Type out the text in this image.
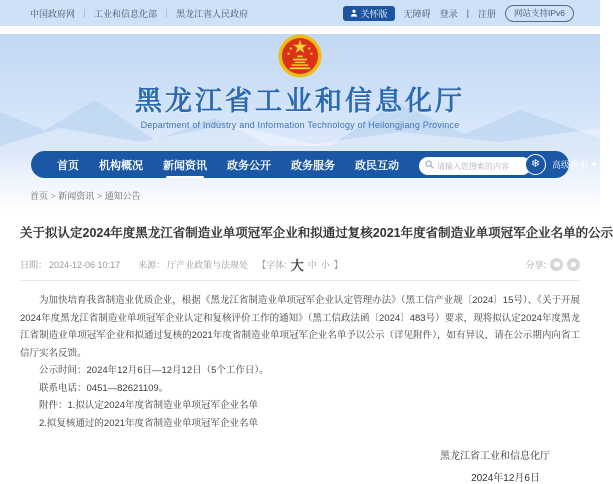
中国政府网	｜ 工业和信息化部	｜ 黑龙江省人民政府	关怀版 无障碍 登录 | 注册	网站支持IPv6
黑龙江省工业和信息化厅
Department of Industry and Information Technology of Heilongjiang Province
首页 机构概况 新闻资讯 政务公开 政务服务 政民互动
请输入您搜索的内容	❄	高级搜索
首页 > 新闻资讯 > 通知公告
关于拟认定2024年度黑龙江省制造业单项冠军企业和拟通过复核2021年度省制造业单项冠军企业名单的公示
日期： 2024-12-06 10:17 来源： 厅产业政策与法规处 【字体: 大 中 小 】	分享:

为加快培育我省制造业优质企业，根据《黑龙江省制造业单项冠军企业认定管理办法》（黑工信产业规〔2024〕15号）、《关于开展2024年度黑龙江省制造业单项冠军企业认定和复核评价工作的通知》（黑工信政法函〔2024〕483号）要求，现将拟认定2024年度黑龙江省制造业单项冠军企业和拟通过复核的2021年度省制造业单项冠军企业名单予以公示（详见附件），如有异议，请在公示期内向省工信厅实名反馈。

公示时间：2024年12月6日—12月12日（5个工作日）。

联系电话：0451—82621109。

附件：1.拟认定2024年度省制造业单项冠军企业名单

2.拟复核通过的2021年度省制造业单项冠军企业名单

黑龙江省工业和信息化厅
2024年12月6日
